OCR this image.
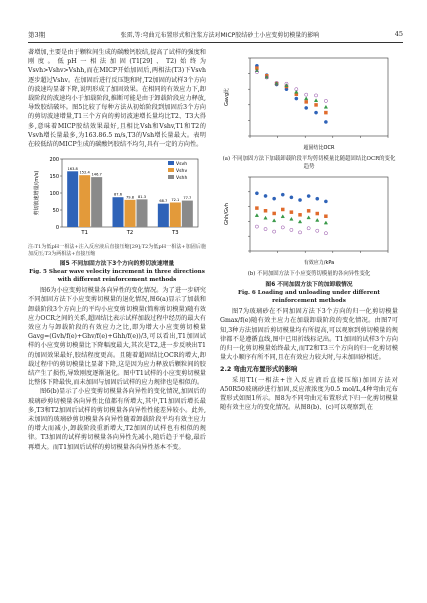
第3期	张雷,等:弯曲元布置形式和注浆方法对MICP胶结砂土小应变剪切模量的影响	45

著增加,主要是由于颗粒间生成的碳酸钙胶结,提高了试样的强度和刚度。低pH一相法加固(T1[29]、T2)始终为 Vsvh>Vshv>Vshh,而在MICP开始加固后,两相法(T3)下Vsvh逐步超过Vshv。在加固后进行反压饱和时,T2加固的试样3个方向的波速均显著下降,说明形成了加固效果。在相同的有效应力下,卸载阶段的波速均小于加载阶段,推断可能是由于卸载阶段应力释放,导致胶结破坏。图5比较了每种方法从初始阶段到加固后3个方向的剪切波速增量,T1三个方向的剪切波速增长量均比T2、T3大得多,意味着MICP胶结效果最好,且相比Vsh和Vshv,T1和T2的Vsvh增长量最多,为163.86.5 m/s,T3的Vsh增长量最大。表明在较低结的MICP生成的碳酸钙胶结不均匀,具有一定的方向性。

0
50
100
150
200
剪切波速增量/(m/s)
T1
163.8
152.4 146.7
T2
87.6
79.8 81.3
T3
68.7 72.1 77.7
Vsvh
Vshv
Vshh
注:T1为低pH一相法+注入反应液后直接压缩[29];T2为低pH一相法+加固后施加反压;T3为两相法+直接压缩
图5 不同加固方法下3个方向的剪切波速增量
Fig. 5 Shear wave velocity increment in three directions with different reinforcement methods

图6为小应变剪切模量各向异性的变化情况。为了进一步研究不同加固方法下小应变剪切模量的退化情况,图6(a)显示了加载和卸载阶段3个方向上的平均小应变剪切模量(简称剪切模量)随有效应力OCR之间的关系,超固结比表示试样加载过程中经历的最大有效应力与卸载阶段的有效应力之比,即为增大小应变剪切模量 Gavg=(Gvh/f(e)+Ghv/f(e)+Ghh/f(e))/3,可以看出,T1加固试样的小应变剪切模量比下降幅度最大,其次是T2,进一步反映出T1的加固效果最好,胶结程度更高。且随着超固结比OCR的增大,卸载过程中的剪切模量比显著下降,这是因为应力释放后颗粒间的胶结产生了损伤,导致刚度逐渐退化。图中T1试样的小应变剪切模量比整体下降最快,而未加固与加固后试样的应力规律也是相似的。

图6(b)显示了小应变剪切模量各向异性的变化情况,加固后的玻璃砂剪切模量各向异性比值都有所增大,其中,T1加固后增长最多,T3和T2加固后试样的剪切模量各向异性性能差异较小。此外,未加固的玻璃砂剪切模量各向异性随着卸载阶段平均有效主应力的增大而减小,卸载阶段重新增大,T2加固的试样也有相似的规律。T3加固的试样剪切模量各向异性先减小,随后趋于平稳,最后再增大。而T1加固后试样的剪切模量各向异性基本不变。

超固结比OCR
Gavg比
(a) 不同加固方法下加载卸载阶段平均剪切模量比随超固结比OCR的变化趋势
有效应力/kPa
Ghh/Gvh
(b) 不同加固方法下小应变剪切模量的各向异性变化
图6 不同加固方法下的加卸载情况
Fig. 6 Loading and unloading under different reinforcement methods

图7为玻璃砂在不同加固方法下3个方向的归一化剪切模量Gmax/f(e)随有效主应力在加载卸载阶段的变化情况。由图7可知,3种方法加固后剪切模量均有所提高,可以观察到剪切模量的规律都不是遵循直线,图中已用折线标记出。T1加固的试样3个方向的归一化剪切模量始终最大,而T2和T3三个方向的归一化剪切模量大小顺序有所不同,且在有效应力较大时,与未加固砂相近。

2.2 弯曲元布置形式的影响

采用T1(一相法+注入反应液后直接压缩)加固方法对A50R50玻璃砂进行加固,反应液浓度为0.5 mol/L,4种弯曲元布置形式如图1所示。图8为不同弯曲元布置形式下归一化剪切模量随有效主应力的变化情况。从图8(b)、(c)可以观察到,在
